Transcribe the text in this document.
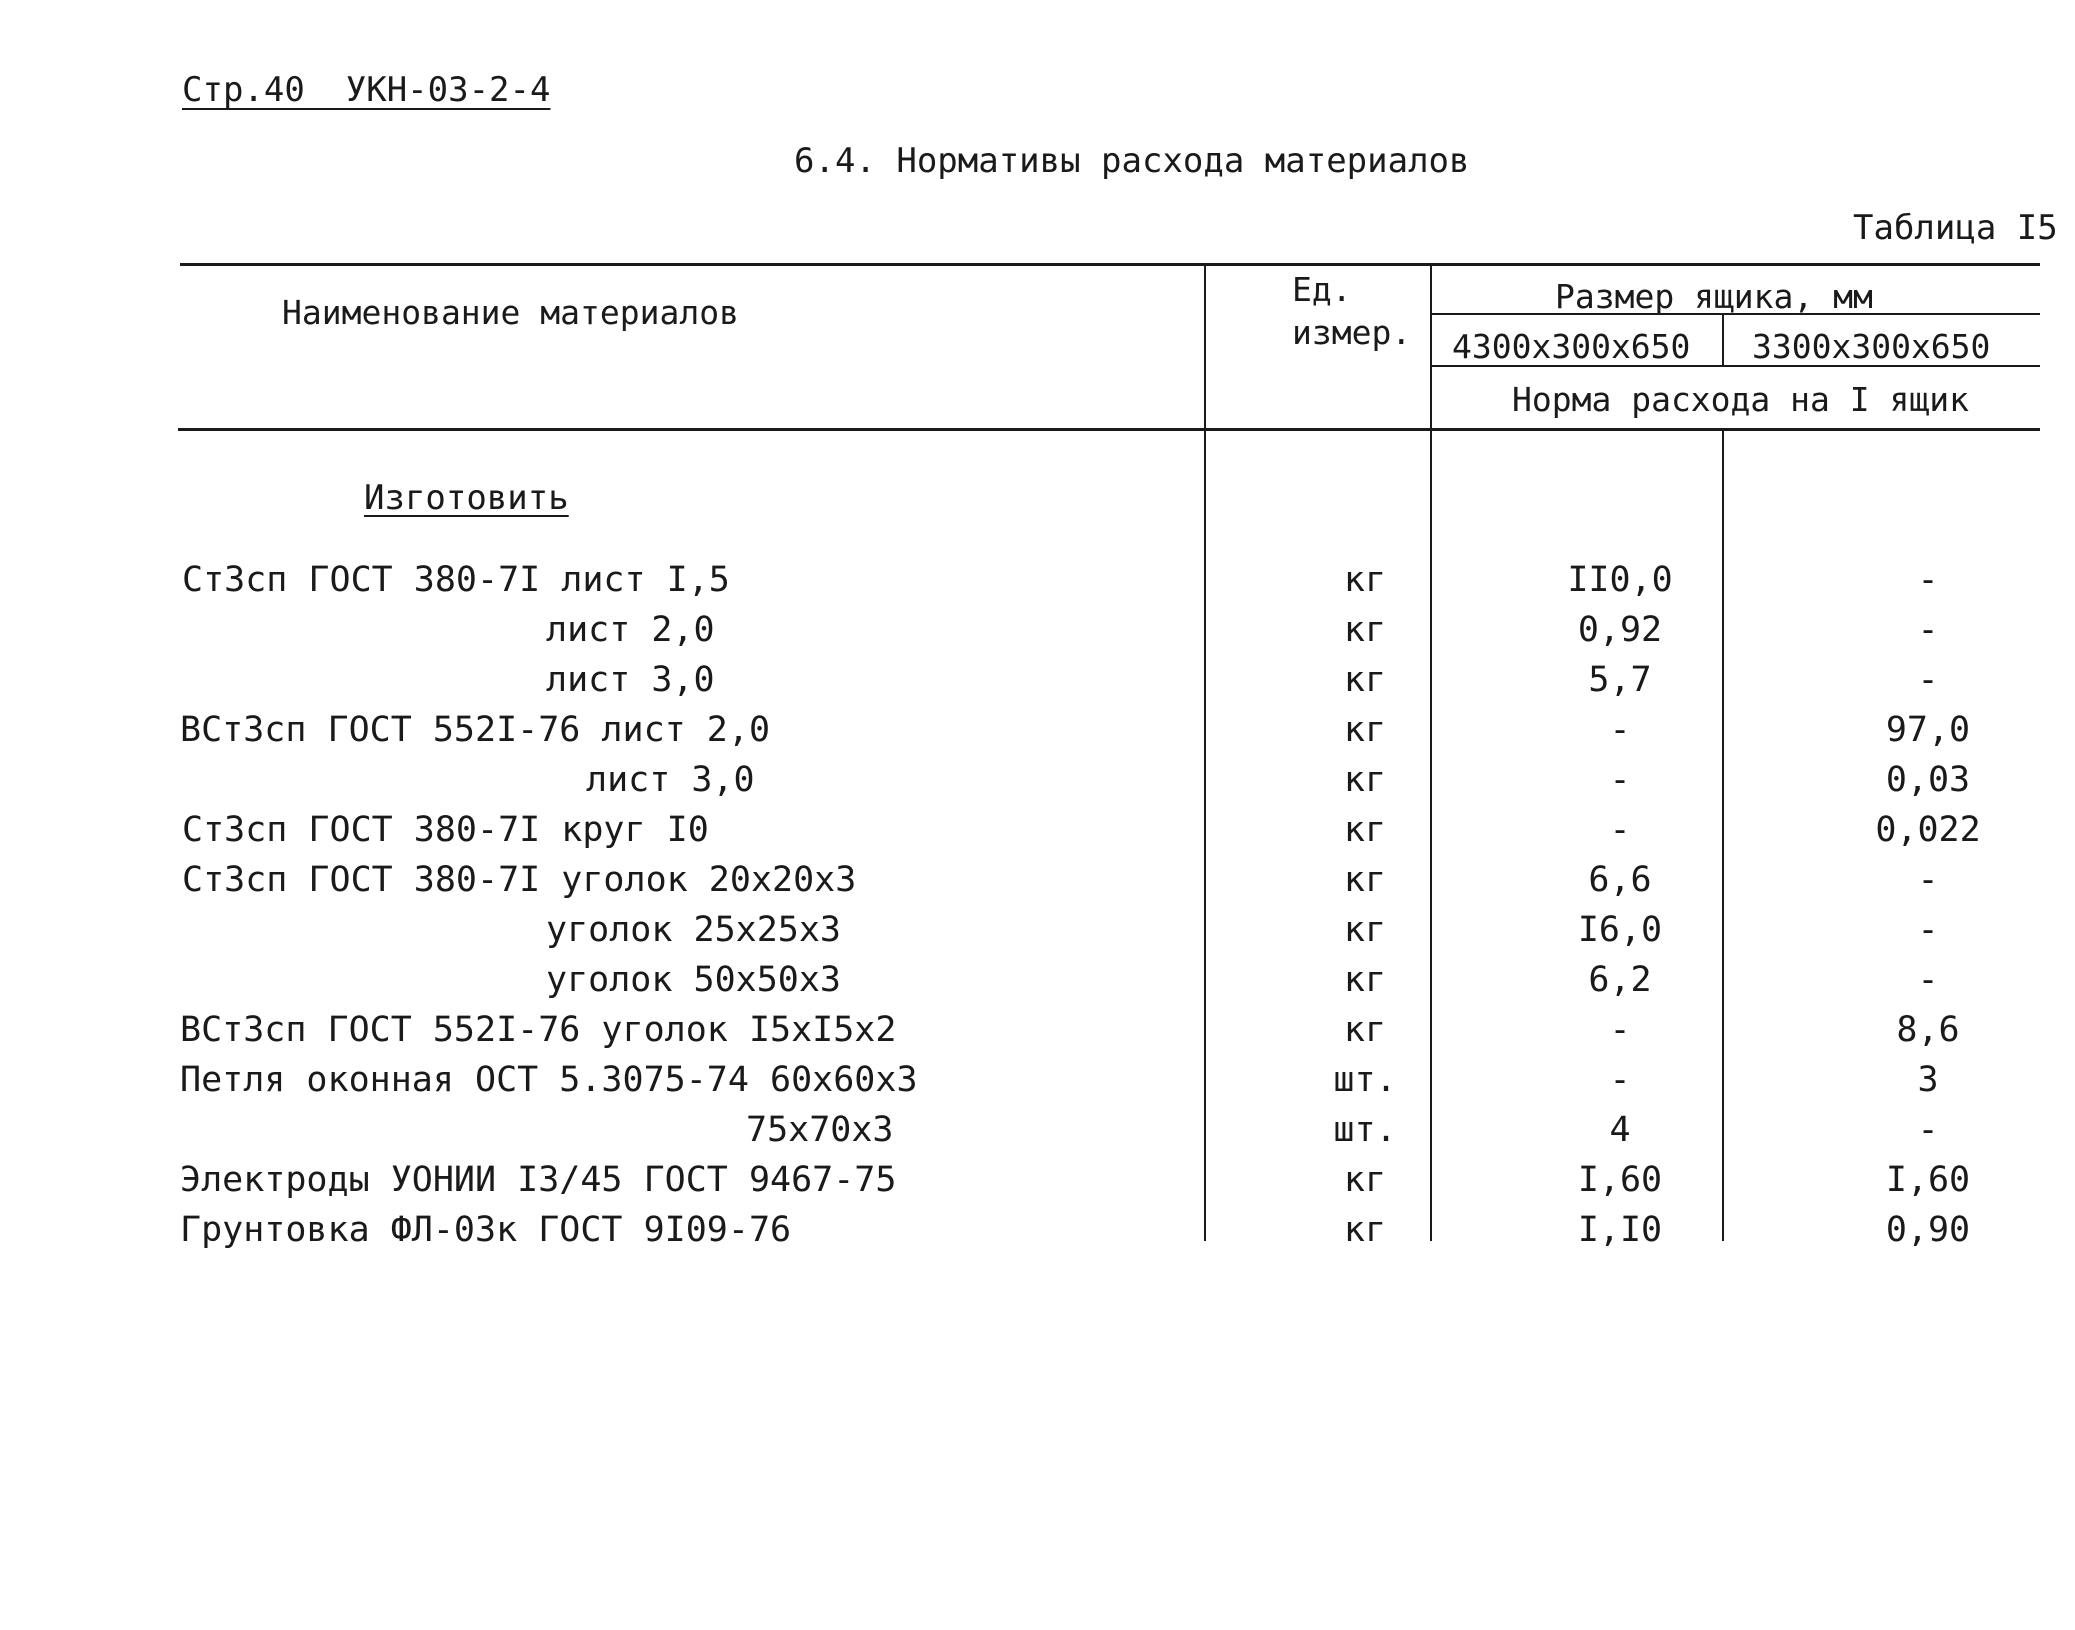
Стр.40  УКН-03-2-4
6.4. Нормативы расхода материалов
Таблица I5
Наименование материалов
Ед.
измер.
Размер ящика, мм
4300х300х650 3300х300х650
Норма расхода на I ящик
Изготовить
Ст3сп ГОСТ 380-7I лист I,5	кг	II0,0	-
лист 2,0	кг	0,92	-
лист 3,0	кг	5,7	-
ВСт3сп ГОСТ 552I-76 лист 2,0	кг	-	97,0
лист 3,0	кг	-	0,03
Ст3сп ГОСТ 380-7I круг I0	кг	-	0,022
Ст3сп ГОСТ 380-7I уголок 20х20х3	кг	6,6	-
уголок 25х25х3	кг	I6,0	-
уголок 50х50х3	кг	6,2	-
ВСт3сп ГОСТ 552I-76 уголок I5хI5х2	кг	-	8,6
Петля оконная ОСТ 5.3075-74 60х60х3	шт.	-	3
75х70х3	шт.	4	-
Электроды УОНИИ I3/45 ГОСТ 9467-75	кг	I,60	I,60
Грунтовка ФЛ-03к ГОСТ 9I09-76	кг	I,I0	0,90
